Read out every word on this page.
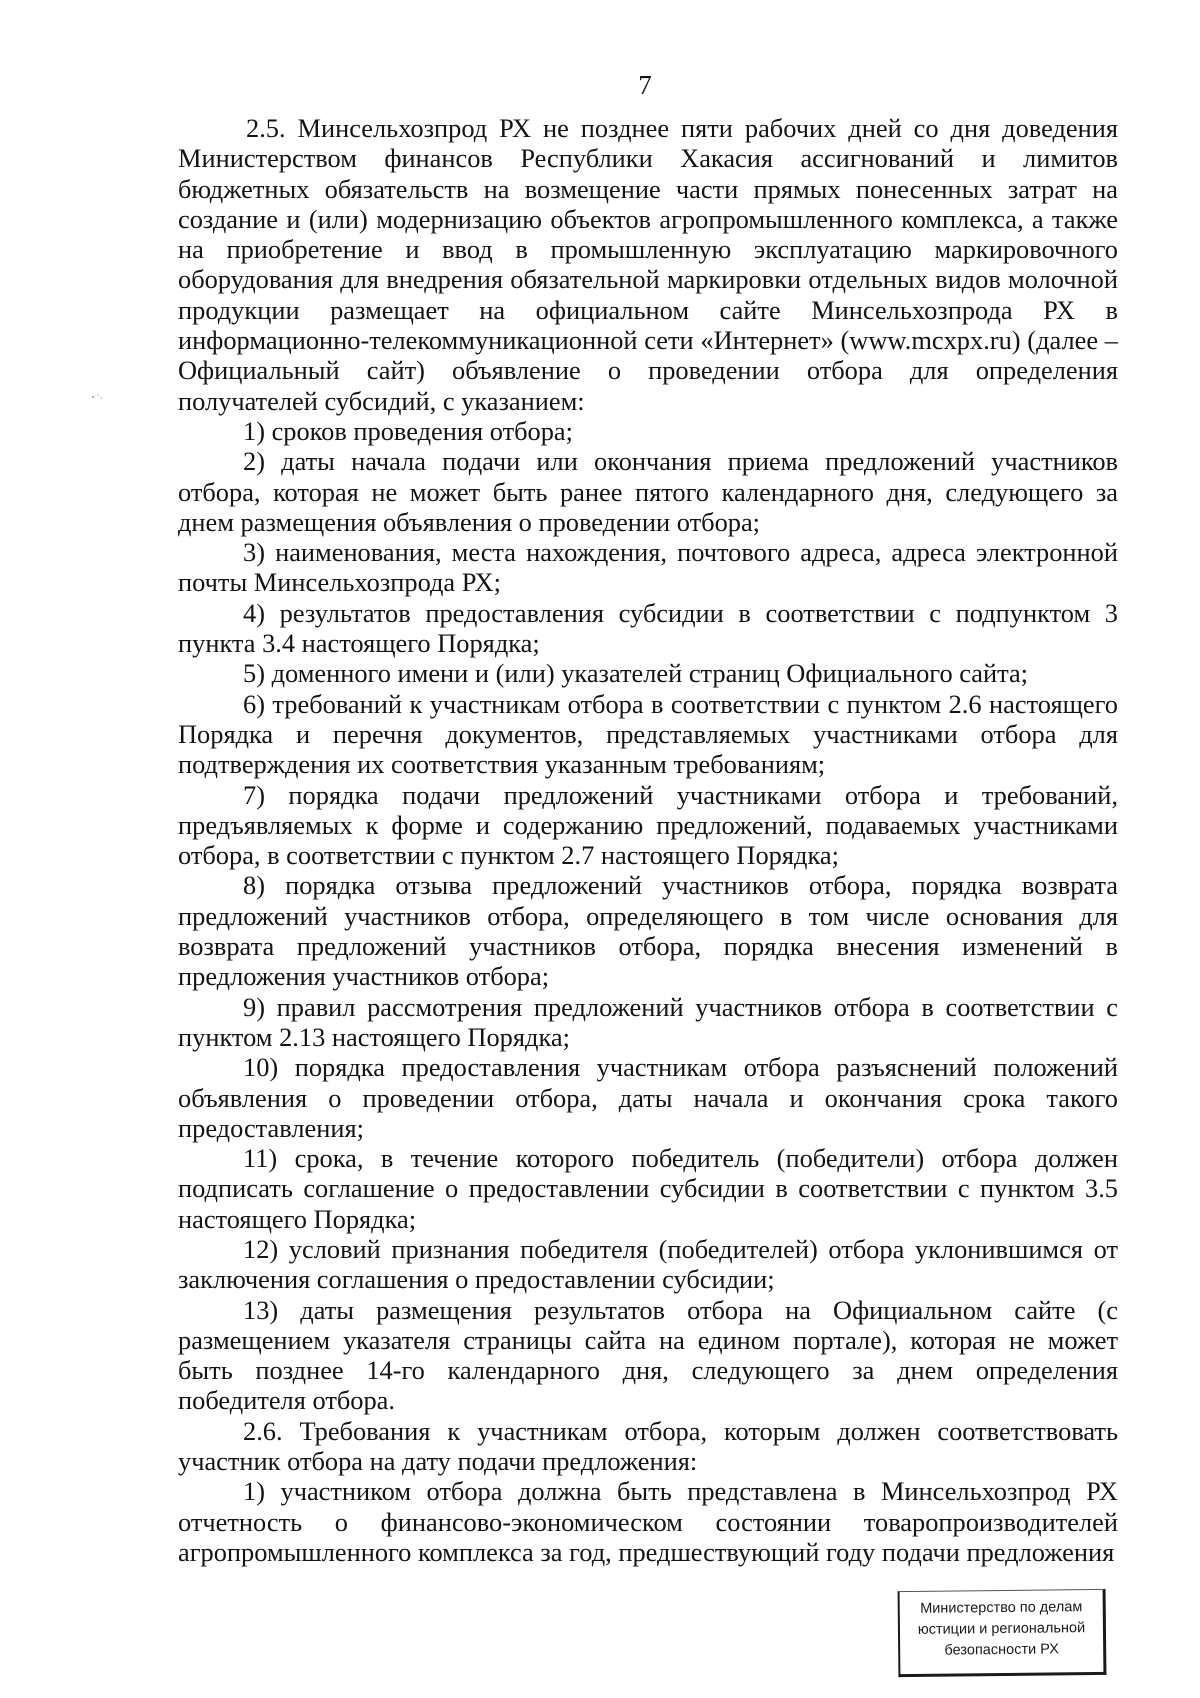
7

2.5. Минсельхозпрод РХ не позднее пяти рабочих дней со дня доведения Министерством финансов Республики Хакасия ассигнований и лимитов бюджетных обязательств на возмещение части прямых понесенных затрат на создание и (или) модернизацию объектов агропромышленного комплекса, а также на приобретение и ввод в промышленную эксплуатацию маркировочного оборудования для внедрения обязательной маркировки отдельных видов молочной продукции размещает на официальном сайте Минсельхозпрода РХ в информационно-телекоммуникационной сети «Интернет» (www.mcxpx.ru) (далее – Официальный сайт) объявление о проведении отбора для определения получателей субсидий, с указанием:

1) сроков проведения отбора;

2) даты начала подачи или окончания приема предложений участников отбора, которая не может быть ранее пятого календарного дня, следующего за днем размещения объявления о проведении отбора;

3) наименования, места нахождения, почтового адреса, адреса электронной почты Минсельхозпрода РХ;

4) результатов предоставления субсидии в соответствии с подпунктом 3 пункта 3.4 настоящего Порядка;

5) доменного имени и (или) указателей страниц Официального сайта;

6) требований к участникам отбора в соответствии с пунктом 2.6 настоящего Порядка и перечня документов, представляемых участниками отбора для подтверждения их соответствия указанным требованиям;

7) порядка подачи предложений участниками отбора и требований, предъявляемых к форме и содержанию предложений, подаваемых участниками отбора, в соответствии с пунктом 2.7 настоящего Порядка;

8) порядка отзыва предложений участников отбора, порядка возврата предложений участников отбора, определяющего в том числе основания для возврата предложений участников отбора, порядка внесения изменений в предложения участников отбора;

9) правил рассмотрения предложений участников отбора в соответствии с пунктом 2.13 настоящего Порядка;

10) порядка предоставления участникам отбора разъяснений положений объявления о проведении отбора, даты начала и окончания срока такого предоставления;

11) срока, в течение которого победитель (победители) отбора должен подписать соглашение о предоставлении субсидии в соответствии с пунктом 3.5 настоящего Порядка;

12) условий признания победителя (победителей) отбора уклонившимся от заключения соглашения о предоставлении субсидии;

13) даты размещения результатов отбора на Официальном сайте (с размещением указателя страницы сайта на едином портале), которая не может быть позднее 14-го календарного дня, следующего за днем определения победителя отбора.

2.6. Требования к участникам отбора, которым должен соответствовать участник отбора на дату подачи предложения:

1) участником отбора должна быть представлена в Минсельхозпрод РХ отчетность о финансово-экономическом состоянии товаропроизводителей агропромышленного комплекса за год, предшествующий году подачи предложения

Министерство по делам
юстиции и региональной
безопасности РХ
